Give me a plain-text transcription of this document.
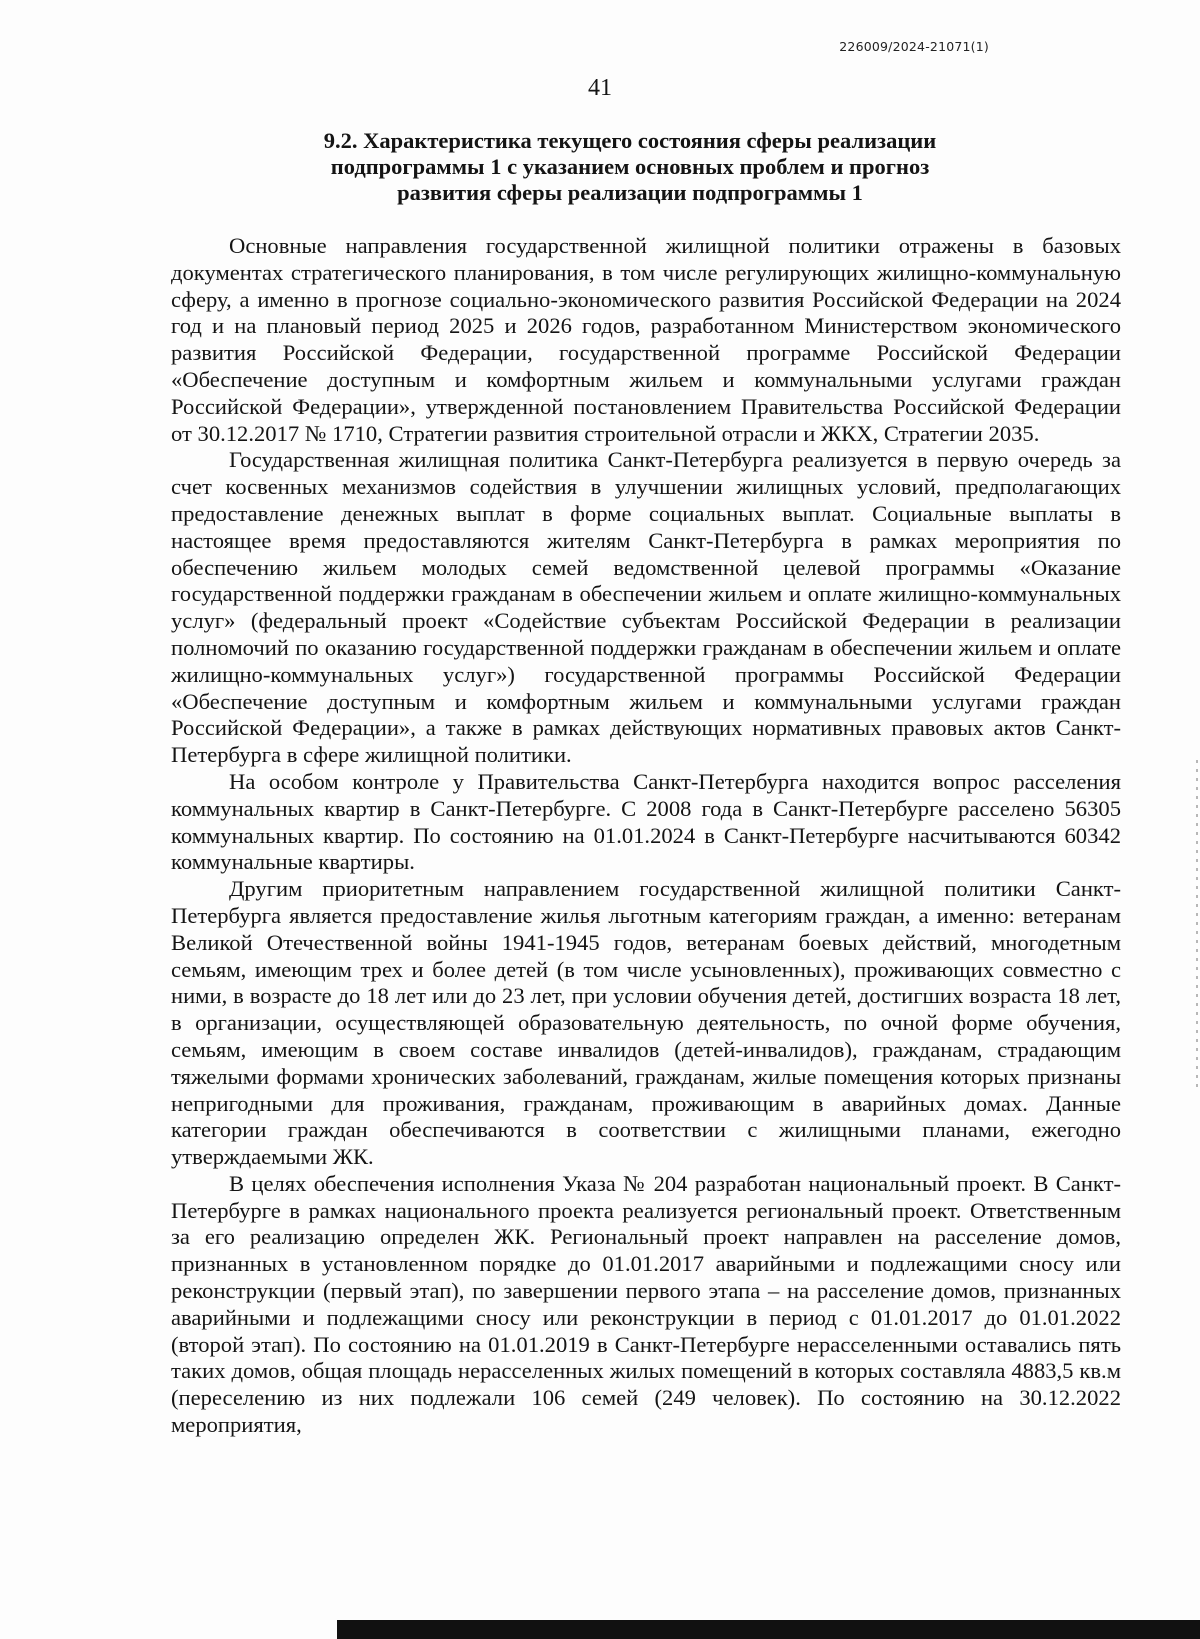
226009/2024-21071(1)
41
9.2. Характеристика текущего состояния сферы реализации
подпрограммы 1 с указанием основных проблем и прогноз
развития сферы реализации подпрограммы 1

Основные направления государственной жилищной политики отражены в базовых документах стратегического планирования, в том числе регулирующих жилищно-коммунальную сферу, а именно в прогнозе социально-экономического развития Российской Федерации на 2024 год и на плановый период 2025 и 2026 годов, разработанном Министерством экономического развития Российской Федерации, государственной программе Российской Федерации «Обеспечение доступным и комфортным жильем и коммунальными услугами граждан Российской Федерации», утвержденной постановлением Правительства Российской Федерации от 30.12.2017 № 1710, Стратегии развития строительной отрасли и ЖКХ, Стратегии 2035.

Государственная жилищная политика Санкт-Петербурга реализуется в первую очередь за счет косвенных механизмов содействия в улучшении жилищных условий, предполагающих предоставление денежных выплат в форме социальных выплат. Социальные выплаты в настоящее время предоставляются жителям Санкт-Петербурга в рамках мероприятия по обеспечению жильем молодых семей ведомственной целевой программы «Оказание государственной поддержки гражданам в обеспечении жильем и оплате жилищно-коммунальных услуг» (федеральный проект «Содействие субъектам Российской Федерации в реализации полномочий по оказанию государственной поддержки гражданам в обеспечении жильем и оплате жилищно-коммунальных услуг») государственной программы Российской Федерации «Обеспечение доступным и комфортным жильем и коммунальными услугами граждан Российской Федерации», а также в рамках действующих нормативных правовых актов Санкт-Петербурга в сфере жилищной политики.

На особом контроле у Правительства Санкт-Петербурга находится вопрос расселения коммунальных квартир в Санкт-Петербурге. С 2008 года в Санкт-Петербурге расселено 56305 коммунальных квартир. По состоянию на 01.01.2024 в Санкт-Петербурге насчитываются 60342 коммунальные квартиры.

Другим приоритетным направлением государственной жилищной политики Санкт-Петербурга является предоставление жилья льготным категориям граждан, а именно: ветеранам Великой Отечественной войны 1941-1945 годов, ветеранам боевых действий, многодетным семьям, имеющим трех и более детей (в том числе усыновленных), проживающих совместно с ними, в возрасте до 18 лет или до 23 лет, при условии обучения детей, достигших возраста 18 лет, в организации, осуществляющей образовательную деятельность, по очной форме обучения, семьям, имеющим в своем составе инвалидов (детей-инвалидов), гражданам, страдающим тяжелыми формами хронических заболеваний, гражданам, жилые помещения которых признаны непригодными для проживания, гражданам, проживающим в аварийных домах. Данные категории граждан обеспечиваются в соответствии с жилищными планами, ежегодно утверждаемыми ЖК.

В целях обеспечения исполнения Указа № 204 разработан национальный проект. В Санкт-Петербурге в рамках национального проекта реализуется региональный проект. Ответственным за его реализацию определен ЖК. Региональный проект направлен на расселение домов, признанных в установленном порядке до 01.01.2017 аварийными и подлежащими сносу или реконструкции (первый этап), по завершении первого этапа – на расселение домов, признанных аварийными и подлежащими сносу или реконструкции в период с 01.01.2017 до 01.01.2022 (второй этап). По состоянию на 01.01.2019 в Санкт-Петербурге нерасселенными оставались пять таких домов, общая площадь нерасселенных жилых помещений в которых составляла 4883,5 кв.м (переселению из них подлежали 106 семей (249 человек). По состоянию на 30.12.2022 мероприятия,
